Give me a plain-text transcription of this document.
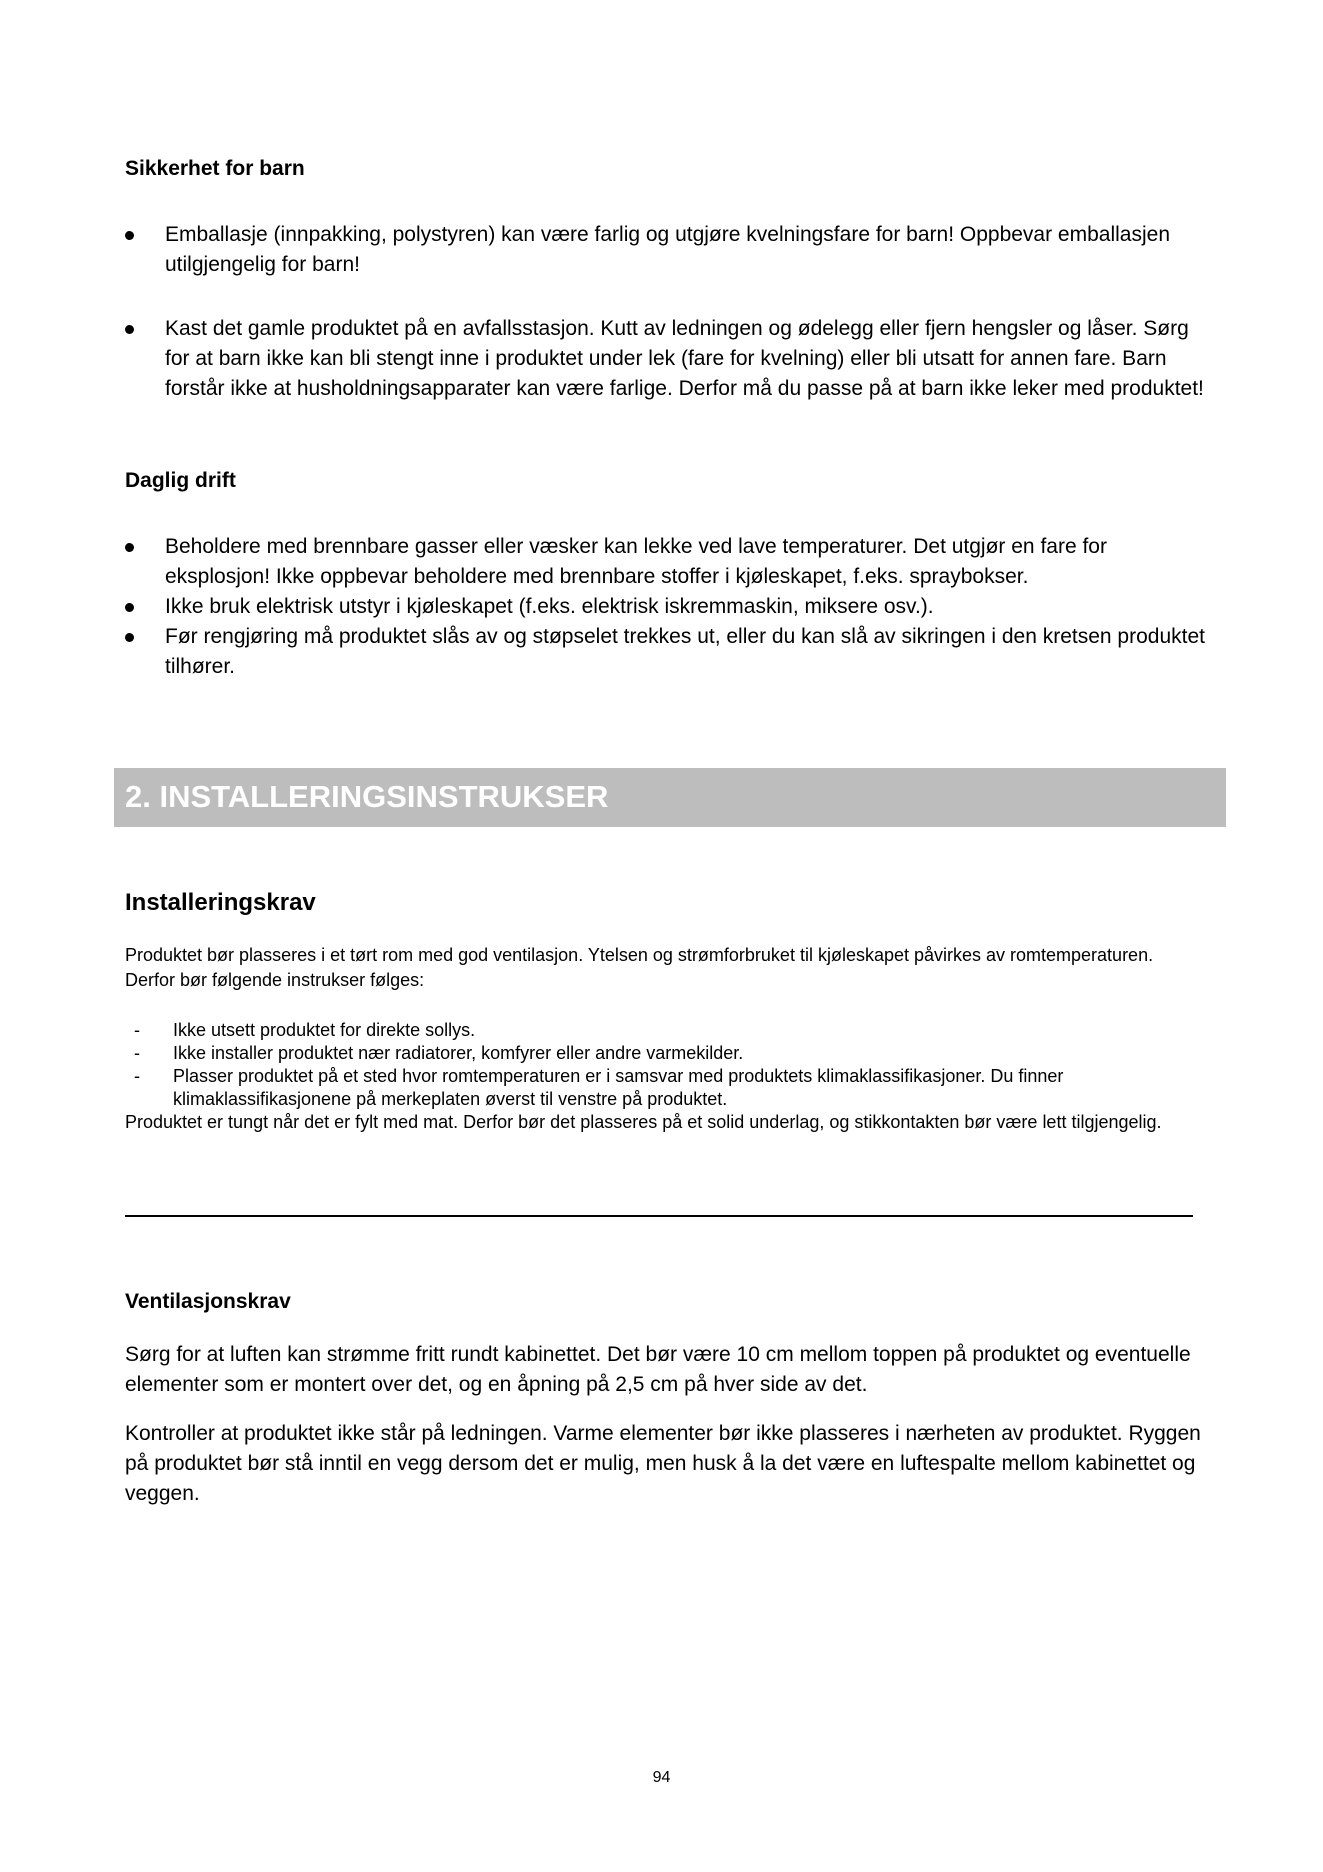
Sikkerhet for barn
Emballasje (innpakking, polystyren) kan være farlig og utgjøre kvelningsfare for barn! Oppbevar emballasjen utilgjengelig for barn!
Kast det gamle produktet på en avfallsstasjon. Kutt av ledningen og ødelegg eller fjern hengsler og låser. Sørg for at barn ikke kan bli stengt inne i produktet under lek (fare for kvelning) eller bli utsatt for annen fare. Barn forstår ikke at husholdningsapparater kan være farlige. Derfor må du passe på at barn ikke leker med produktet!
Daglig drift
Beholdere med brennbare gasser eller væsker kan lekke ved lave temperaturer. Det utgjør en fare for eksplosjon! Ikke oppbevar beholdere med brennbare stoffer i kjøleskapet, f.eks. spraybokser.
Ikke bruk elektrisk utstyr i kjøleskapet (f.eks. elektrisk iskremmaskin, miksere osv.).
Før rengjøring må produktet slås av og støpselet trekkes ut, eller du kan slå av sikringen i den kretsen produktet tilhører.
2. INSTALLERINGSINSTRUKSER
Installeringskrav

Produktet bør plasseres i et tørt rom med god ventilasjon. Ytelsen og strømforbruket til kjøleskapet påvirkes av romtemperaturen. Derfor bør følgende instrukser følges:

- Ikke utsett produktet for direkte sollys.
- Ikke installer produktet nær radiatorer, komfyrer eller andre varmekilder.
- Plasser produktet på et sted hvor romtemperaturen er i samsvar med produktets klimaklassifikasjoner. Du finner klimaklassifikasjonene på merkeplaten øverst til venstre på produktet.

Produktet er tungt når det er fylt med mat. Derfor bør det plasseres på et solid underlag, og stikkontakten bør være lett tilgjengelig.

Ventilasjonskrav

Sørg for at luften kan strømme fritt rundt kabinettet. Det bør være 10 cm mellom toppen på produktet og eventuelle elementer som er montert over det, og en åpning på 2,5 cm på hver side av det.

Kontroller at produktet ikke står på ledningen. Varme elementer bør ikke plasseres i nærheten av produktet. Ryggen på produktet bør stå inntil en vegg dersom det er mulig, men husk å la det være en luftespalte mellom kabinettet og veggen.

94
